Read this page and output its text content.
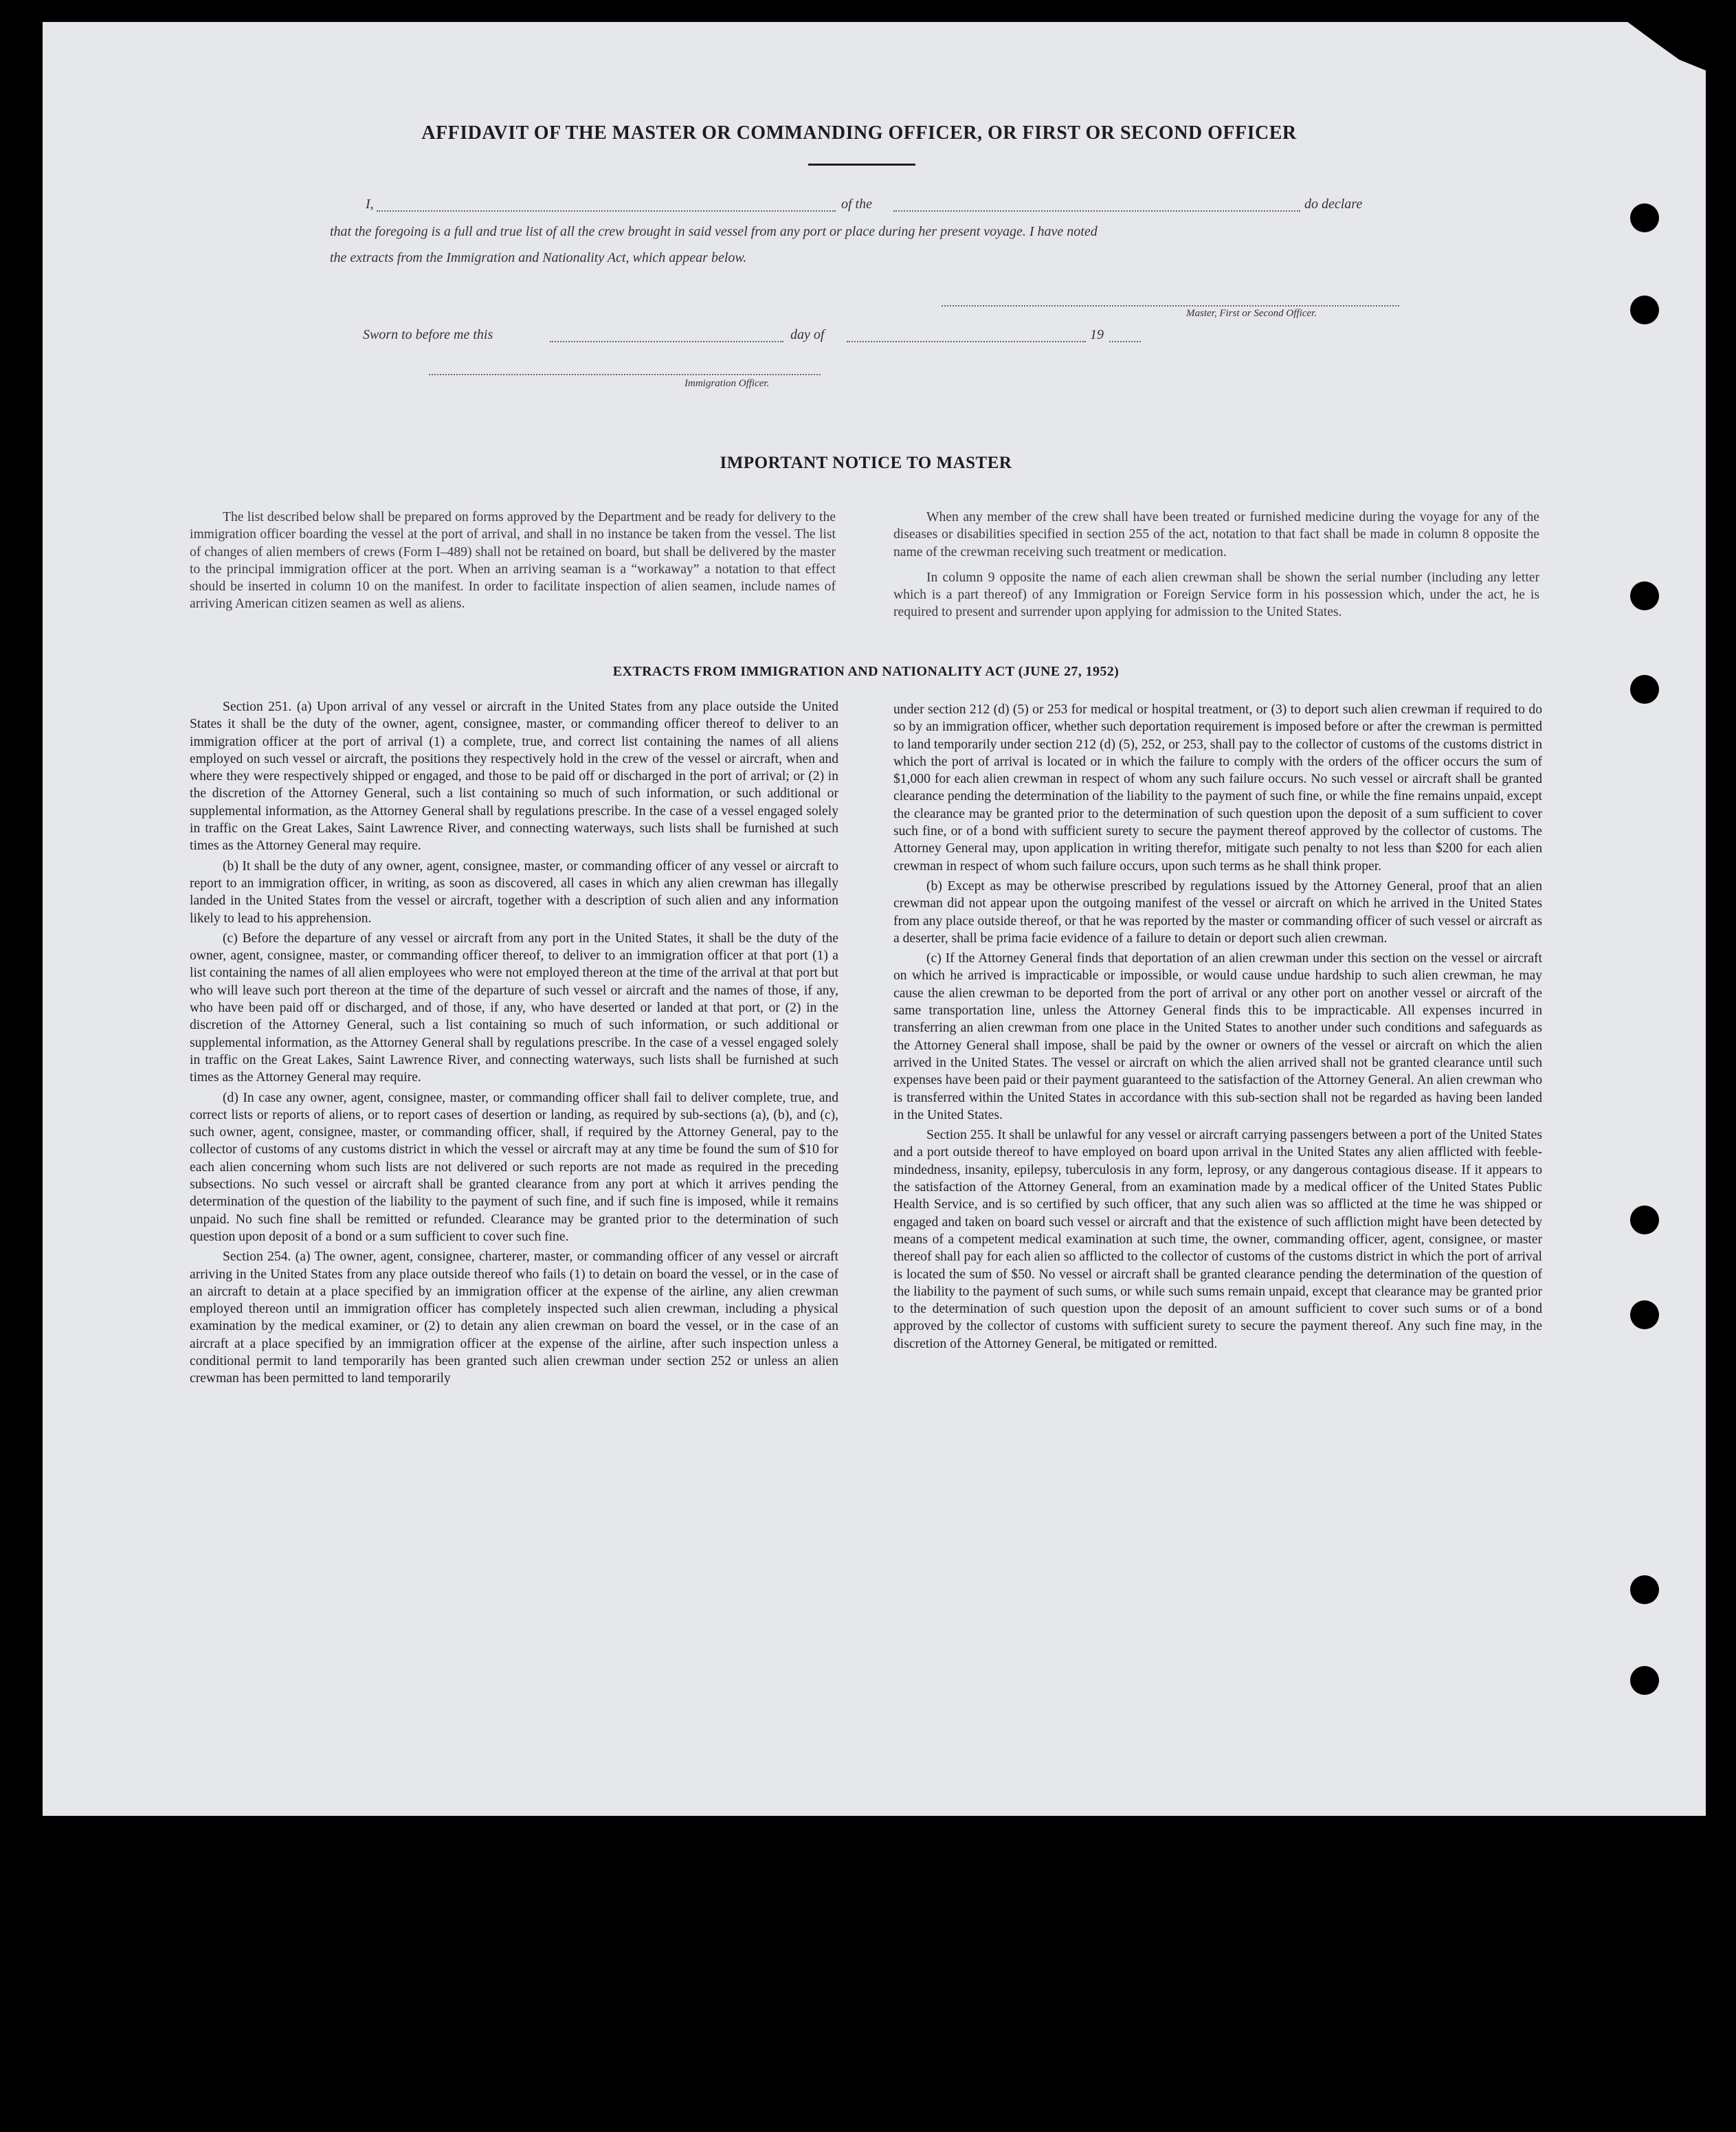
AFFIDAVIT OF THE MASTER OR COMMANDING OFFICER, OR FIRST OR SECOND OFFICER
I,	of the	do declare
that the foregoing is a full and true list of all the crew brought in said vessel from any port or place during her present voyage. I have noted
the extracts from the Immigration and Nationality Act, which appear below.
Master, First or Second Officer.
Sworn to before me this	day of	19
Immigration Officer.
IMPORTANT NOTICE TO MASTER

The list described below shall be prepared on forms approved by the Department and be ready for delivery to the immigration officer boarding the vessel at the port of arrival, and shall in no instance be taken from the vessel. The list of changes of alien members of crews (Form I–489) shall not be retained on board, but shall be delivered by the master to the principal immigration officer at the port. When an arriving seaman is a “workaway” a notation to that effect should be inserted in column 10 on the manifest. In order to facilitate inspection of alien seamen, include names of arriving American citizen seamen as well as aliens.

When any member of the crew shall have been treated or furnished medicine during the voyage for any of the diseases or disabilities specified in section 255 of the act, notation to that fact shall be made in column 8 opposite the name of the crewman receiving such treatment or medication.

In column 9 opposite the name of each alien crewman shall be shown the serial number (including any letter which is a part thereof) of any Immigration or Foreign Service form in his possession which, under the act, he is required to present and surrender upon applying for admission to the United States.

EXTRACTS FROM IMMIGRATION AND NATIONALITY ACT (JUNE 27, 1952)

Section 251. (a) Upon arrival of any vessel or aircraft in the United States from any place outside the United States it shall be the duty of the owner, agent, consignee, master, or commanding officer thereof to deliver to an immigration officer at the port of arrival (1) a complete, true, and correct list containing the names of all aliens employed on such vessel or aircraft, the positions they respectively hold in the crew of the vessel or aircraft, when and where they were respectively shipped or engaged, and those to be paid off or discharged in the port of arrival; or (2) in the discretion of the Attorney General, such a list containing so much of such information, or such additional or supplemental information, as the Attorney General shall by regulations prescribe. In the case of a vessel engaged solely in traffic on the Great Lakes, Saint Lawrence River, and connecting waterways, such lists shall be furnished at such times as the Attorney General may require.

(b) It shall be the duty of any owner, agent, consignee, master, or commanding officer of any vessel or aircraft to report to an immigration officer, in writing, as soon as discovered, all cases in which any alien crewman has illegally landed in the United States from the vessel or aircraft, together with a description of such alien and any information likely to lead to his apprehension.

(c) Before the departure of any vessel or aircraft from any port in the United States, it shall be the duty of the owner, agent, consignee, master, or commanding officer thereof, to deliver to an immigration officer at that port (1) a list containing the names of all alien employees who were not employed thereon at the time of the arrival at that port but who will leave such port thereon at the time of the departure of such vessel or aircraft and the names of those, if any, who have been paid off or discharged, and of those, if any, who have deserted or landed at that port, or (2) in the discretion of the Attorney General, such a list containing so much of such information, or such additional or supplemental information, as the Attorney General shall by regulations prescribe. In the case of a vessel engaged solely in traffic on the Great Lakes, Saint Lawrence River, and connecting waterways, such lists shall be furnished at such times as the Attorney General may require.

(d) In case any owner, agent, consignee, master, or commanding officer shall fail to deliver complete, true, and correct lists or reports of aliens, or to report cases of desertion or landing, as required by sub-sections (a), (b), and (c), such owner, agent, consignee, master, or commanding officer, shall, if required by the Attorney General, pay to the collector of customs of any customs district in which the vessel or aircraft may at any time be found the sum of $10 for each alien concerning whom such lists are not delivered or such reports are not made as required in the preceding subsections. No such vessel or aircraft shall be granted clearance from any port at which it arrives pending the determination of the question of the liability to the payment of such fine, and if such fine is imposed, while it remains unpaid. No such fine shall be remitted or refunded. Clearance may be granted prior to the determination of such question upon deposit of a bond or a sum sufficient to cover such fine.

Section 254. (a) The owner, agent, consignee, charterer, master, or commanding officer of any vessel or aircraft arriving in the United States from any place outside thereof who fails (1) to detain on board the vessel, or in the case of an aircraft to detain at a place specified by an immigration officer at the expense of the airline, any alien crewman employed thereon until an immigration officer has completely inspected such alien crewman, including a physical examination by the medical examiner, or (2) to detain any alien crewman on board the vessel, or in the case of an aircraft at a place specified by an immigration officer at the expense of the airline, after such inspection unless a conditional permit to land temporarily has been granted such alien crewman under section 252 or unless an alien crewman has been permitted to land temporarily

under section 212 (d) (5) or 253 for medical or hospital treatment, or (3) to deport such alien crewman if required to do so by an immigration officer, whether such deportation requirement is imposed before or after the crewman is permitted to land temporarily under section 212 (d) (5), 252, or 253, shall pay to the collector of customs of the customs district in which the port of arrival is located or in which the failure to comply with the orders of the officer occurs the sum of $1,000 for each alien crewman in respect of whom any such failure occurs. No such vessel or aircraft shall be granted clearance pending the determination of the liability to the payment of such fine, or while the fine remains unpaid, except the clearance may be granted prior to the determination of such question upon the deposit of a sum sufficient to cover such fine, or of a bond with sufficient surety to secure the payment thereof approved by the collector of customs. The Attorney General may, upon application in writing therefor, mitigate such penalty to not less than $200 for each alien crewman in respect of whom such failure occurs, upon such terms as he shall think proper.

(b) Except as may be otherwise prescribed by regulations issued by the Attorney General, proof that an alien crewman did not appear upon the outgoing manifest of the vessel or aircraft on which he arrived in the United States from any place outside thereof, or that he was reported by the master or commanding officer of such vessel or aircraft as a deserter, shall be prima facie evidence of a failure to detain or deport such alien crewman.

(c) If the Attorney General finds that deportation of an alien crewman under this section on the vessel or aircraft on which he arrived is impracticable or impossible, or would cause undue hardship to such alien crewman, he may cause the alien crewman to be deported from the port of arrival or any other port on another vessel or aircraft of the same transportation line, unless the Attorney General finds this to be impracticable. All expenses incurred in transferring an alien crewman from one place in the United States to another under such conditions and safeguards as the Attorney General shall impose, shall be paid by the owner or owners of the vessel or aircraft on which the alien arrived in the United States. The vessel or aircraft on which the alien arrived shall not be granted clearance until such expenses have been paid or their payment guaranteed to the satisfaction of the Attorney General. An alien crewman who is transferred within the United States in accordance with this sub-section shall not be regarded as having been landed in the United States.

Section 255. It shall be unlawful for any vessel or aircraft carrying passengers between a port of the United States and a port outside thereof to have employed on board upon arrival in the United States any alien afflicted with feeble-mindedness, insanity, epilepsy, tuberculosis in any form, leprosy, or any dangerous contagious disease. If it appears to the satisfaction of the Attorney General, from an examination made by a medical officer of the United States Public Health Service, and is so certified by such officer, that any such alien was so afflicted at the time he was shipped or engaged and taken on board such vessel or aircraft and that the existence of such affliction might have been detected by means of a competent medical examination at such time, the owner, commanding officer, agent, consignee, or master thereof shall pay for each alien so afflicted to the collector of customs of the customs district in which the port of arrival is located the sum of $50. No vessel or aircraft shall be granted clearance pending the determination of the question of the liability to the payment of such sums, or while such sums remain unpaid, except that clearance may be granted prior to the determination of such question upon the deposit of an amount sufficient to cover such sums or of a bond approved by the collector of customs with sufficient surety to secure the payment thereof. Any such fine may, in the discretion of the Attorney General, be mitigated or remitted.
